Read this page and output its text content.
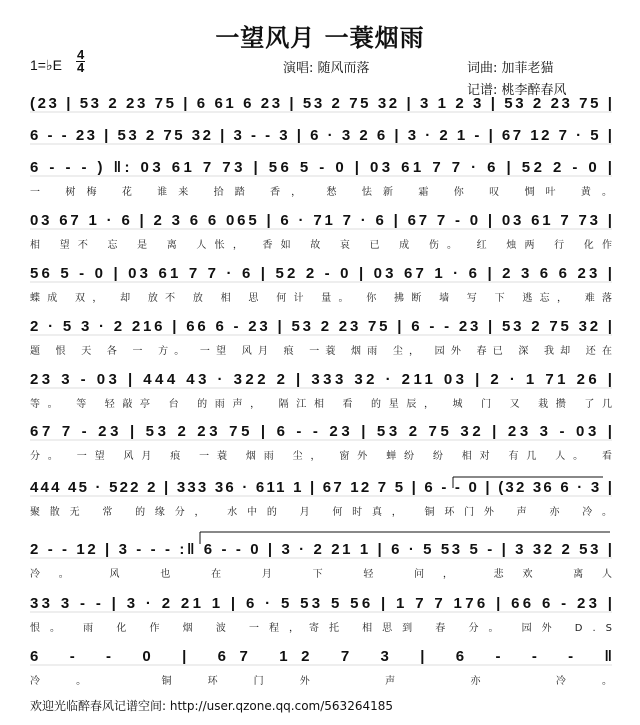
一望风月 一蓑烟雨
1=♭E
4
4	演唱: 随风而落	词曲: 加菲老猫
记谱: 桃李醉春风
(23 | 53 2 23 75 | 6 61 6 23 | 53 2 75 32 | 3 1 2 3 | 53 2 23 75 |
6 - - 23 | 53 2 75 32 | 3 - - 3 | 6 · 3 2 6 | 3 · 2 1 - | 67 12 7 · 5 |
6 - - - ) ‖: 03 61 7 73 | 56 5 - 0 | 03 61 7 7 · 6 | 52 2 - 0 |
一 树梅 花 谁来 拾踏 香， 愁 怯新 霜 你 叹 惆叶 黄。
03 67 1 · 6 | 2 3 6 6 065 | 6 · 71 7 · 6 | 67 7 - 0 | 03 61 7 73 |
相 望不 忘 是 离 人怅， 香如 故 哀 已 成 伤。 红 烛两 行 化作
56 5 - 0 | 03 61 7 7 · 6 | 52 2 - 0 | 03 67 1 · 6 | 2 3 6 6 23 |
蝶成 双， 却 放不 放 相 思 何计 量。 你 拂断 墙 写 下 逃忘， 难落
2 · 5 3 · 2 216 | 66 6 - 23 | 53 2 23 75 | 6 - - 23 | 53 2 75 32 |
题 恨 天 各 一 方。 一望 风月 痕 一蓑 烟雨 尘， 园外 春已 深 我却 还在
23 3 - 03 | 444 43 · 322 2 | 333 32 · 211 03 | 2 · 1 71 26 |
等。 等 轻敲亭 台 的雨声， 隔江相 看 的星辰， 城 门 又 栽攒 了几
67 7 - 23 | 53 2 23 75 | 6 - - 23 | 53 2 75 32 | 23 3 - 03 |
分。 一望 风月 痕 一蓑 烟雨 尘， 窗外 蝉纷 纷 相对 有几 人。 看
444 45 · 522 2 | 333 36 · 611 1 | 67 12 7 5 | 6 - - 0 | (32 36 6 · 3 |
聚散无 常 的缘分， 水中的 月 何时真， 铜环门外 声 亦 冷。
2 - - 12 | 3 - - - :‖ 6 - - 0 | 3 · 2 21 1 | 6 · 5 53 5 - | 3 32 2 53 |
冷。 风 也 在 月 下 轻 问， 悲欢 离人
33 3 - - | 3 · 2 21 1 | 6 · 5 53 5 56 | 1 7 7 176 | 66 6 - 23 |
恨。 雨 化 作 烟 波 一程，寄托 相思到 春 分。 园外 D.S
6 - - 0 | 67 12 7 3 | 6 - - - ‖
冷。 铜环门外 声 亦 冷。
欢迎光临醉春风记谱空间: http://user.qzone.qq.com/563264185
